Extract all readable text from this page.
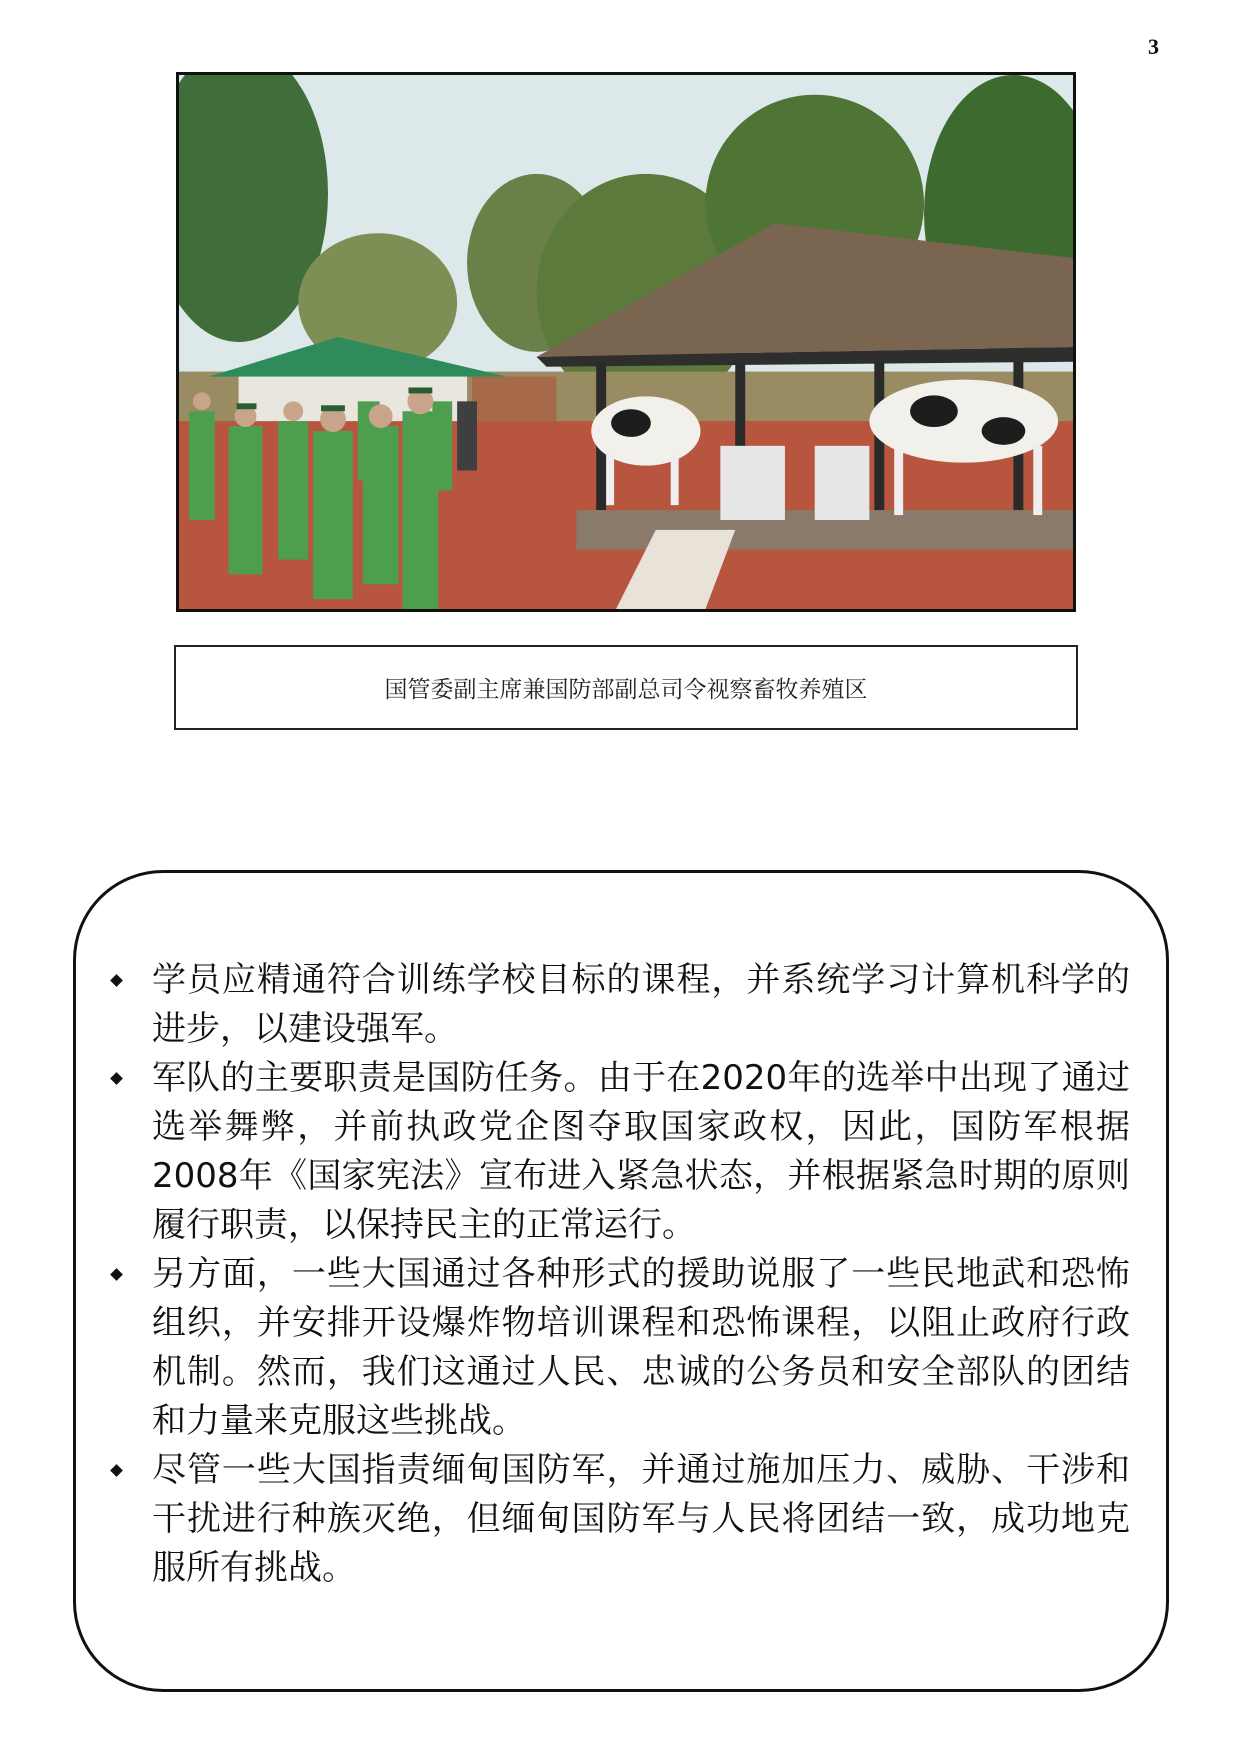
3
国管委副主席兼国防部副总司令视察畜牧养殖区
学员应精通符合训练学校目标的课程，并系统学习计算机科学的进步，以建设强军。
军队的主要职责是国防任务。由于在2020年的选举中出现了通过选举舞弊，并前执政党企图夺取国家政权，因此，国防军根据2008年《国家宪法》宣布进入紧急状态，并根据紧急时期的原则履行职责，以保持民主的正常运行。
另方面，一些大国通过各种形式的援助说服了一些民地武和恐怖组织，并安排开设爆炸物培训课程和恐怖课程，以阻止政府行政机制。然而，我们这通过人民、忠诚的公务员和安全部队的团结和力量来克服这些挑战。
尽管一些大国指责缅甸国防军，并通过施加压力、威胁、干涉和干扰进行种族灭绝，但缅甸国防军与人民将团结一致，成功地克服所有挑战。
